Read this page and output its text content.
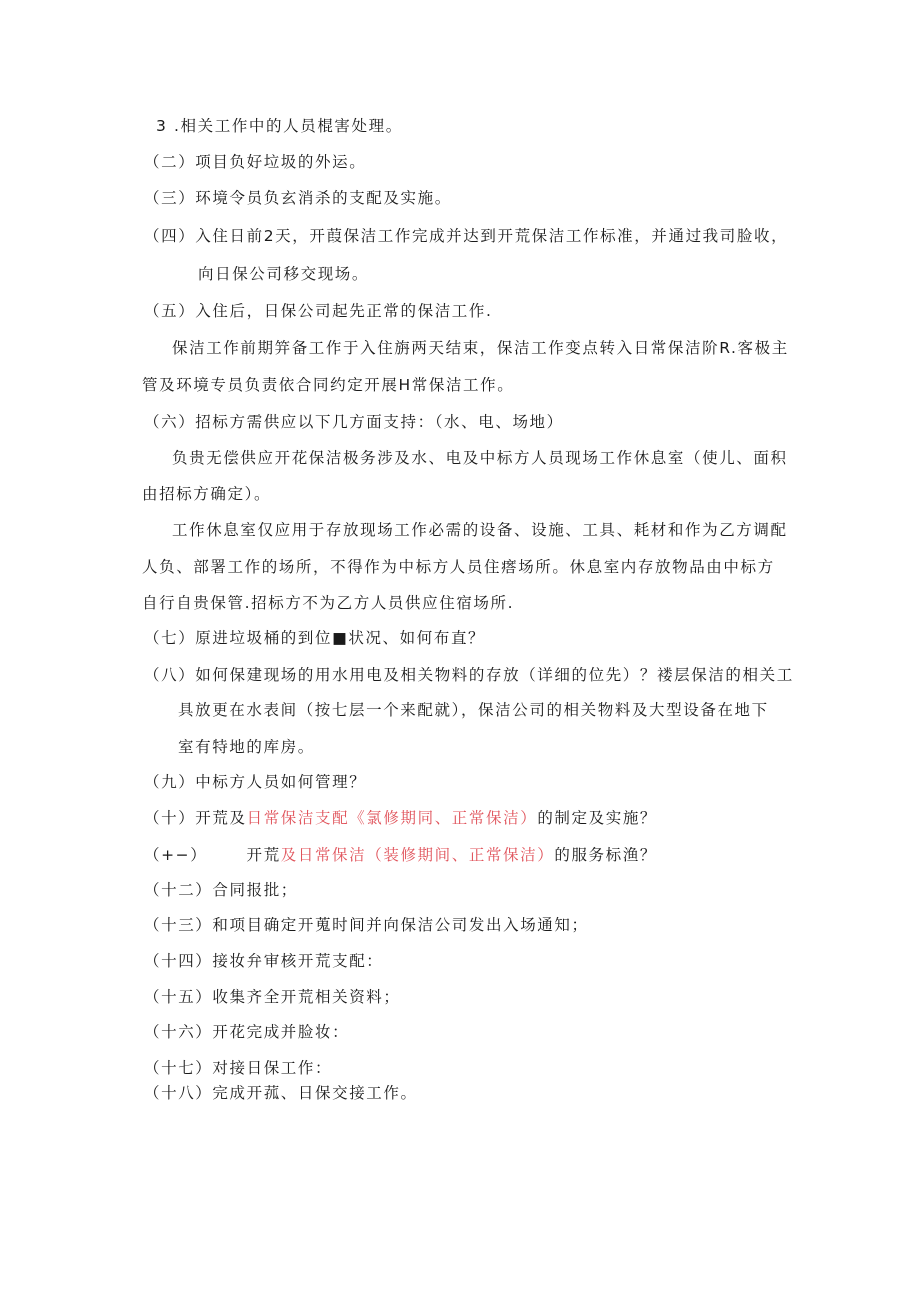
3 .相关工作中的人员棍害处理。
（二）项目负好垃圾的外运。
（三）环境令员负玄消杀的支配及实施。
（四）入住日前2天，开葭保洁工作完成并达到开荒保洁工作标准，并通过我司脸收，
向日保公司移交现场。
（五）入住后，日保公司起先正常的保洁工作.
保洁工作前期笄备工作于入住旃两天结束，保洁工作变点转入日常保洁阶R.客极主
管及环境专员负责依合同约定开展H常保洁工作。
（六）招标方需供应以下几方面支持：（水、电、场地）
负贵无偿供应开花保洁极务涉及水、电及中标方人员现场工作休息室（使儿、面积
由招标方确定）。
工作休息室仅应用于存放现场工作必需的设备、设施、工具、耗材和作为乙方调配
人负、部署工作的场所，不得作为中标方人员住瘩场所。休息室内存放物品由中标方
自行自贵保管.招标方不为乙方人员供应住宿场所.
（七）原进垃圾桶的到位■状况、如何布直？
（八）如何保建现场的用水用电及相关物料的存放（详细的位先）？褛层保洁的相关工
具放更在水表间（按七层一个来配就），保洁公司的相关物料及大型设备在地下
室有特地的库房。
（九）中标方人员如何管理？
（十）开荒及日常保洁支配《氯修期同、正常保洁）的制定及实施？
（+−）      开荒及日常保洁（装修期间、正常保洁）的服务标渔？
（十二）合同报批；
（十三）和项目确定开蒐时间并向保洁公司发出入场通知；
（十四）接妆弁审核开荒支配：
（十五）收集齐全开荒相关资料；
（十六）开花完成并脸妆：
（十七）对接日保工作：
（十八）完成开菰、日保交接工作。
